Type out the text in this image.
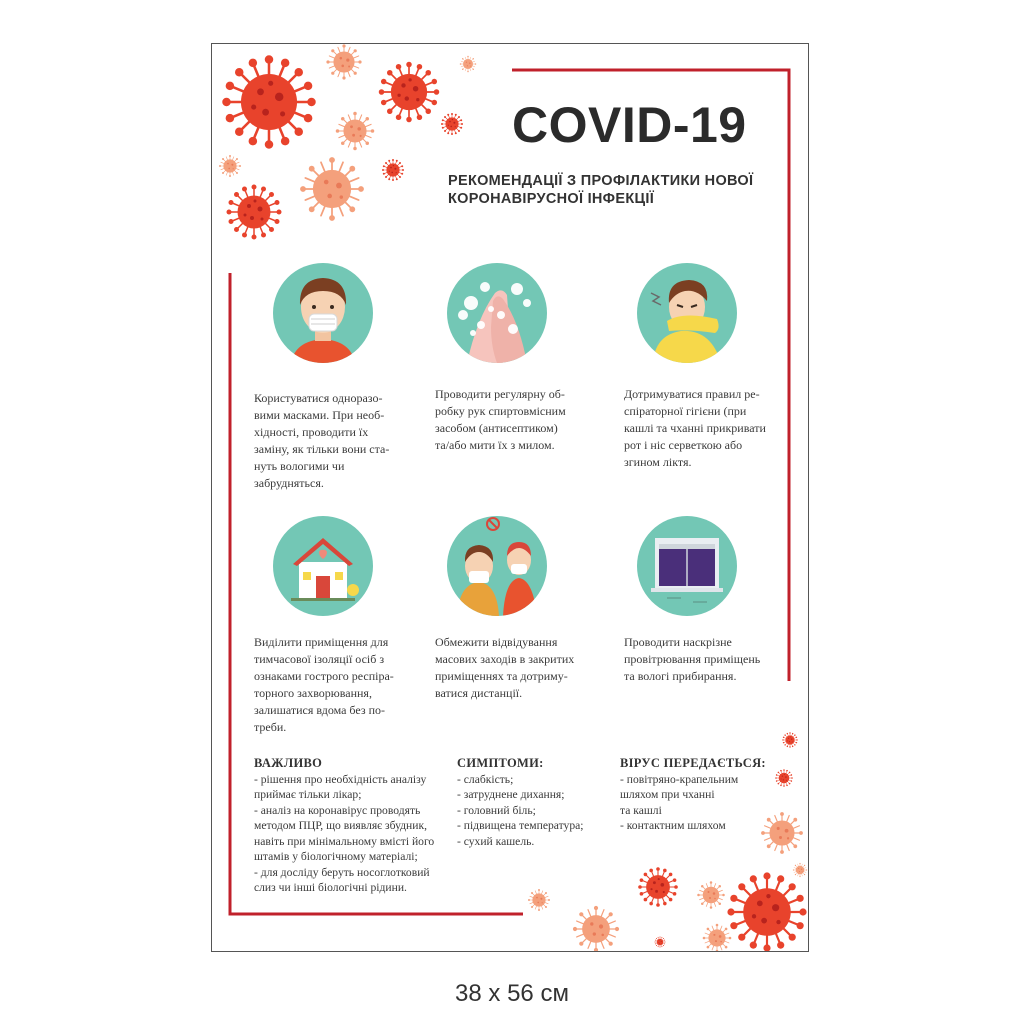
COVID-19
РЕКОМЕНДАЦІЇ З ПРОФІЛАКТИКИ НОВОЇ
КОРОНАВІРУСНОЇ ІНФЕКЦІЇ
Користуватися одноразо-
вими масками. При необ-
хідності, проводити їх
заміну, як тільки вони ста-
нуть вологими чи
забрудняться.
Проводити регулярну об-
робку рук спиртовмісним
засобом (антисептиком)
та/або мити їх з милом.
Дотримуватися правил ре-
спіраторної гігієни (при
кашлі та чханні прикривати
рот і ніс серветкою або
згином ліктя.
Виділити приміщення для
тимчасової ізоляції осіб з
ознаками гострого респіра-
торного захворювання,
залишатися вдома без по-
треби.
Обмежити відвідування
масових заходів в закритих
приміщеннях та дотриму-
ватися дистанції.
Проводити наскрізне
провітрювання приміщень
та вологі прибирання.
ВАЖЛИВО

- рішення про необхідність аналізу

приймає тільки лікар;

- аналіз на коронавірус проводять

методом ПЦР, що виявляє збудник,

навіть при мінімальному вмісті його

штамів у біологічному матеріалі;

- для досліду беруть носоглотковий

слиз чи інші біологічні рідини.

СИМПТОМИ:

- слабкість;

- затруднене дихання;

- головний біль;

- підвищена температура;

- сухий кашель.

ВІРУС ПЕРЕДАЄТЬСЯ:

- повітряно-крапельним

шляхом при чханні

та кашлі

- контактним шляхом

38 x 56 см
